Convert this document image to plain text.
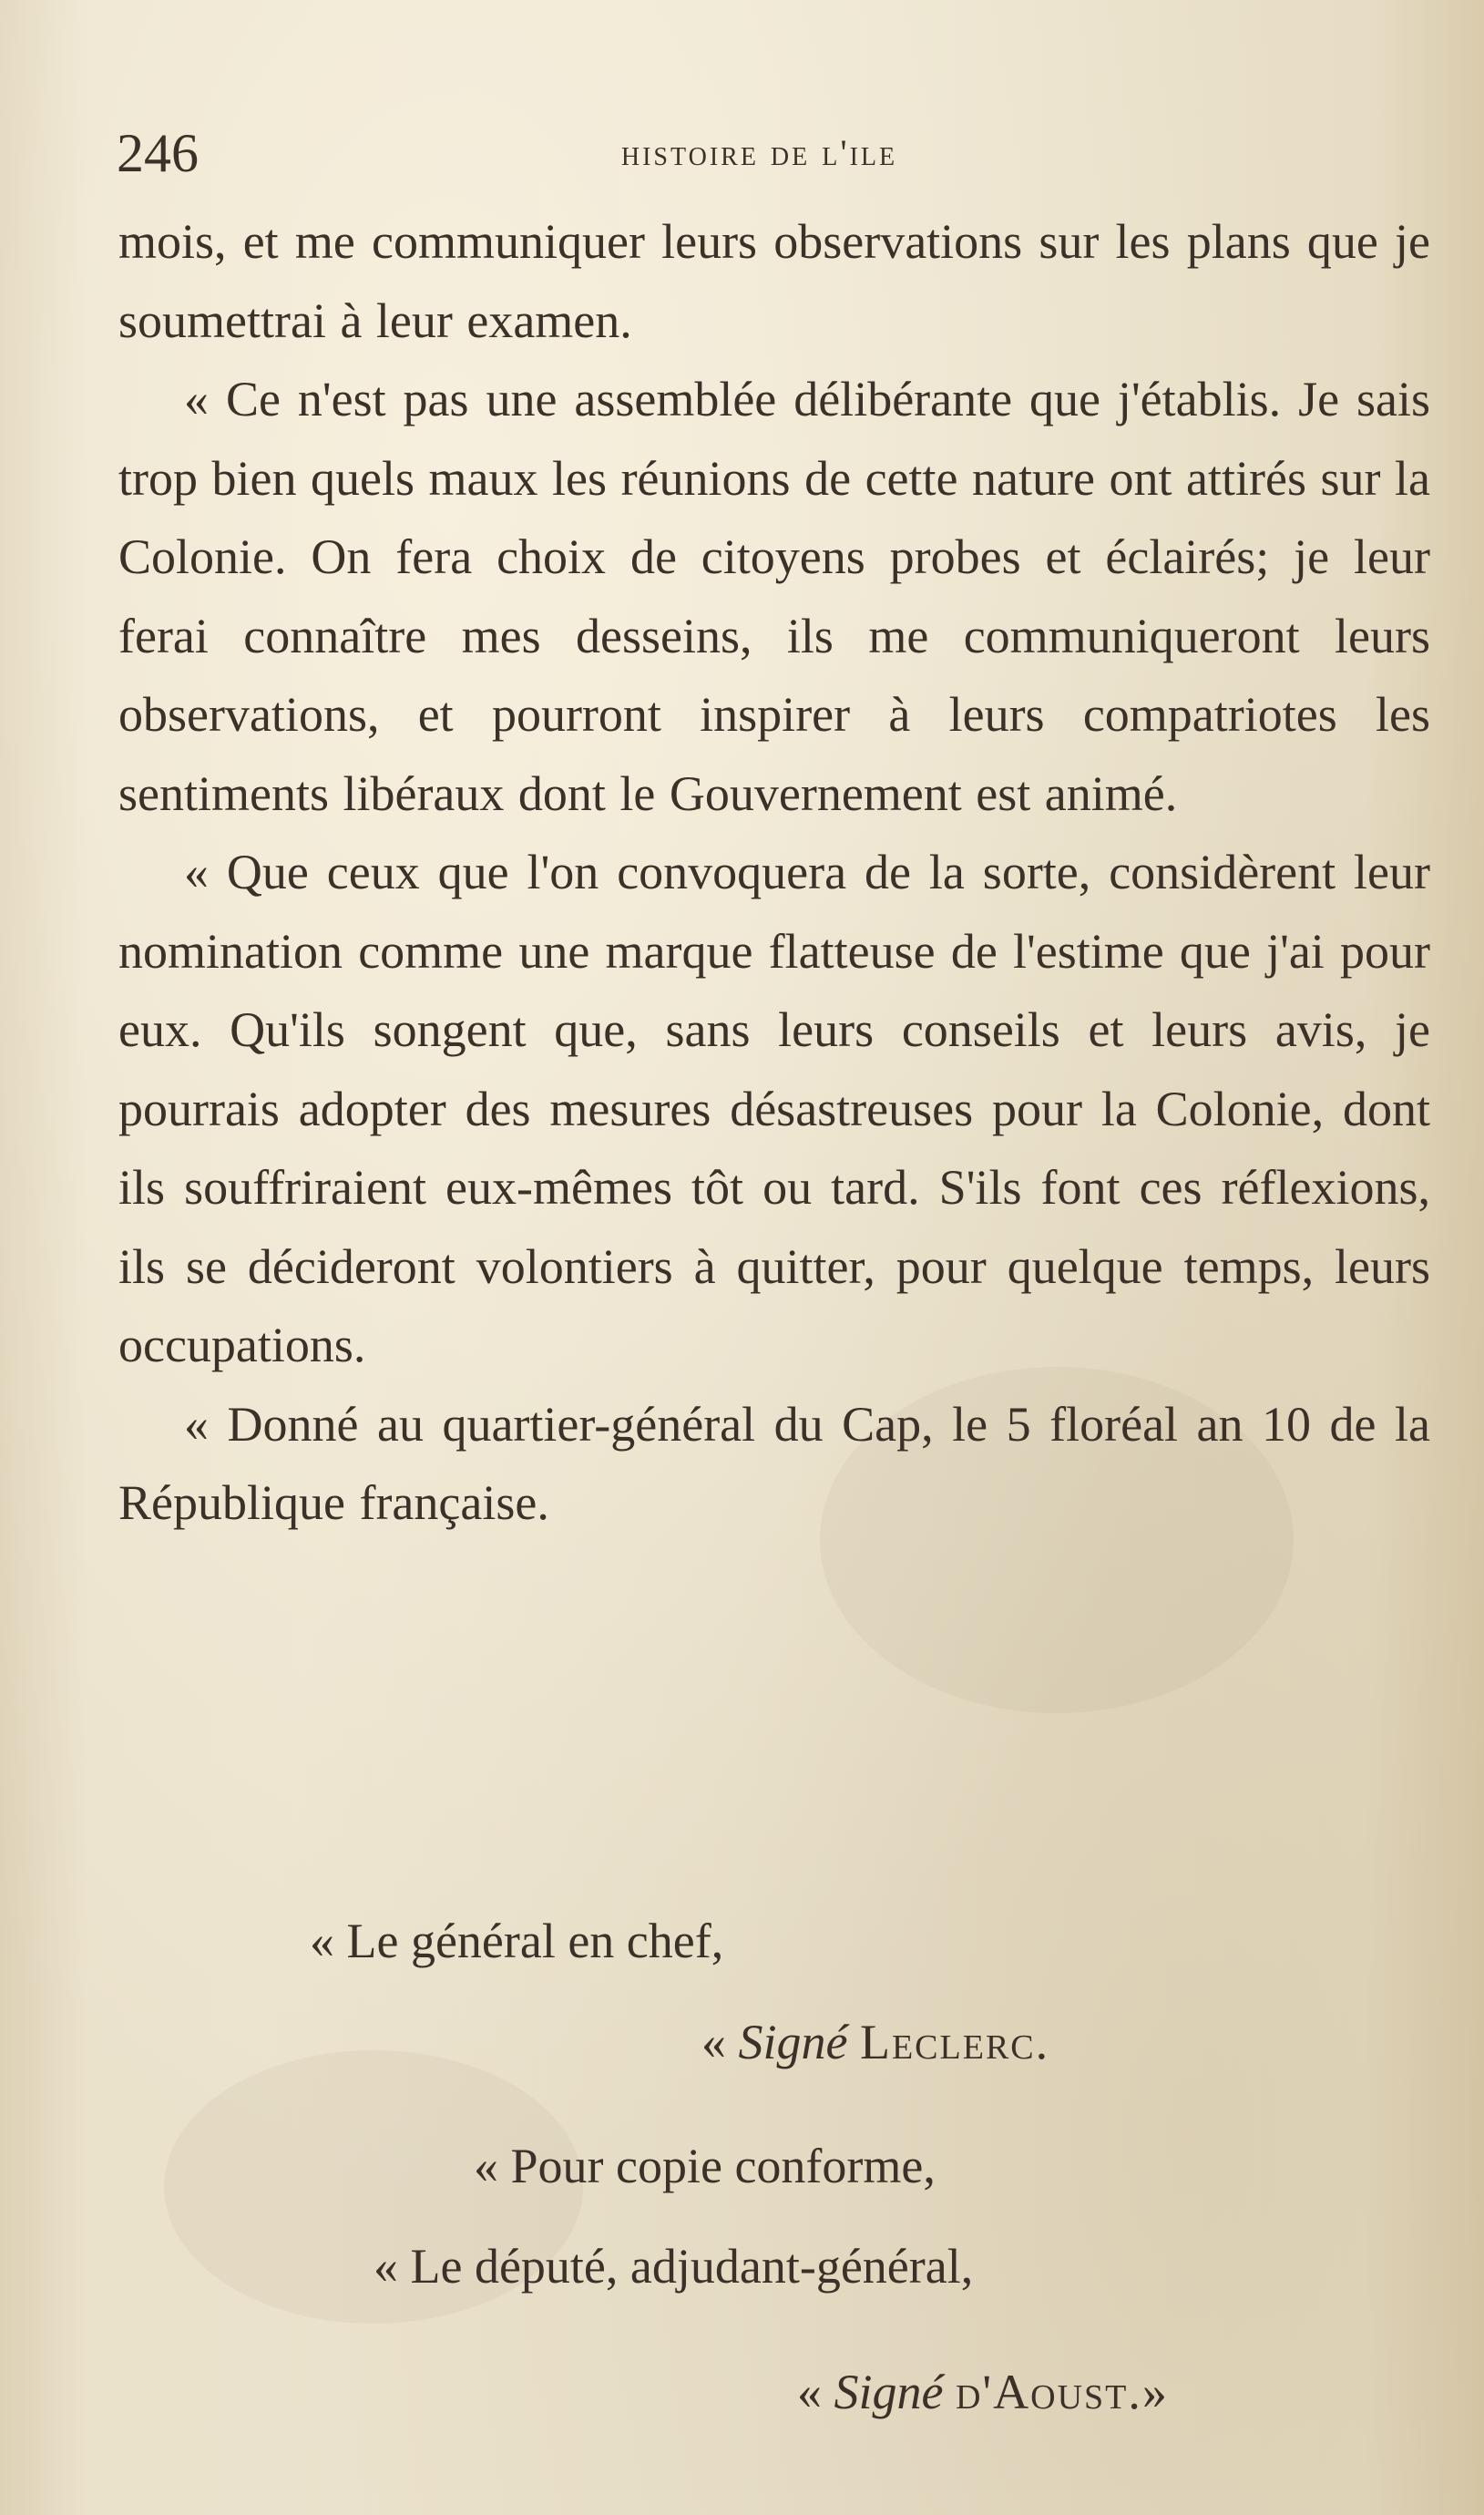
246	histoire de l'ile

mois, et me communiquer leurs observations sur les plans que je soumettrai à leur examen.

« Ce n'est pas une assemblée délibérante que j'établis. Je sais trop bien quels maux les réunions de cette nature ont attirés sur la Colonie. On fera choix de citoyens probes et éclairés; je leur ferai connaître mes desseins, ils me communiqueront leurs observations, et pourront inspirer à leurs compatriotes les sentiments libéraux dont le Gouvernement est animé.

« Que ceux que l'on convoquera de la sorte, considèrent leur nomination comme une marque flatteuse de l'estime que j'ai pour eux. Qu'ils songent que, sans leurs conseils et leurs avis, je pourrais adopter des mesures désastreuses pour la Colonie, dont ils souffriraient eux-mêmes tôt ou tard. S'ils font ces réflexions, ils se décideront volontiers à quitter, pour quelque temps, leurs occupations.

« Donné au quartier-général du Cap, le 5 floréal an 10 de la République française.

« Le général en chef,
« Signé Leclerc.
« Pour copie conforme,
« Le député, adjudant-général,
« Signé d'Aoust.»
